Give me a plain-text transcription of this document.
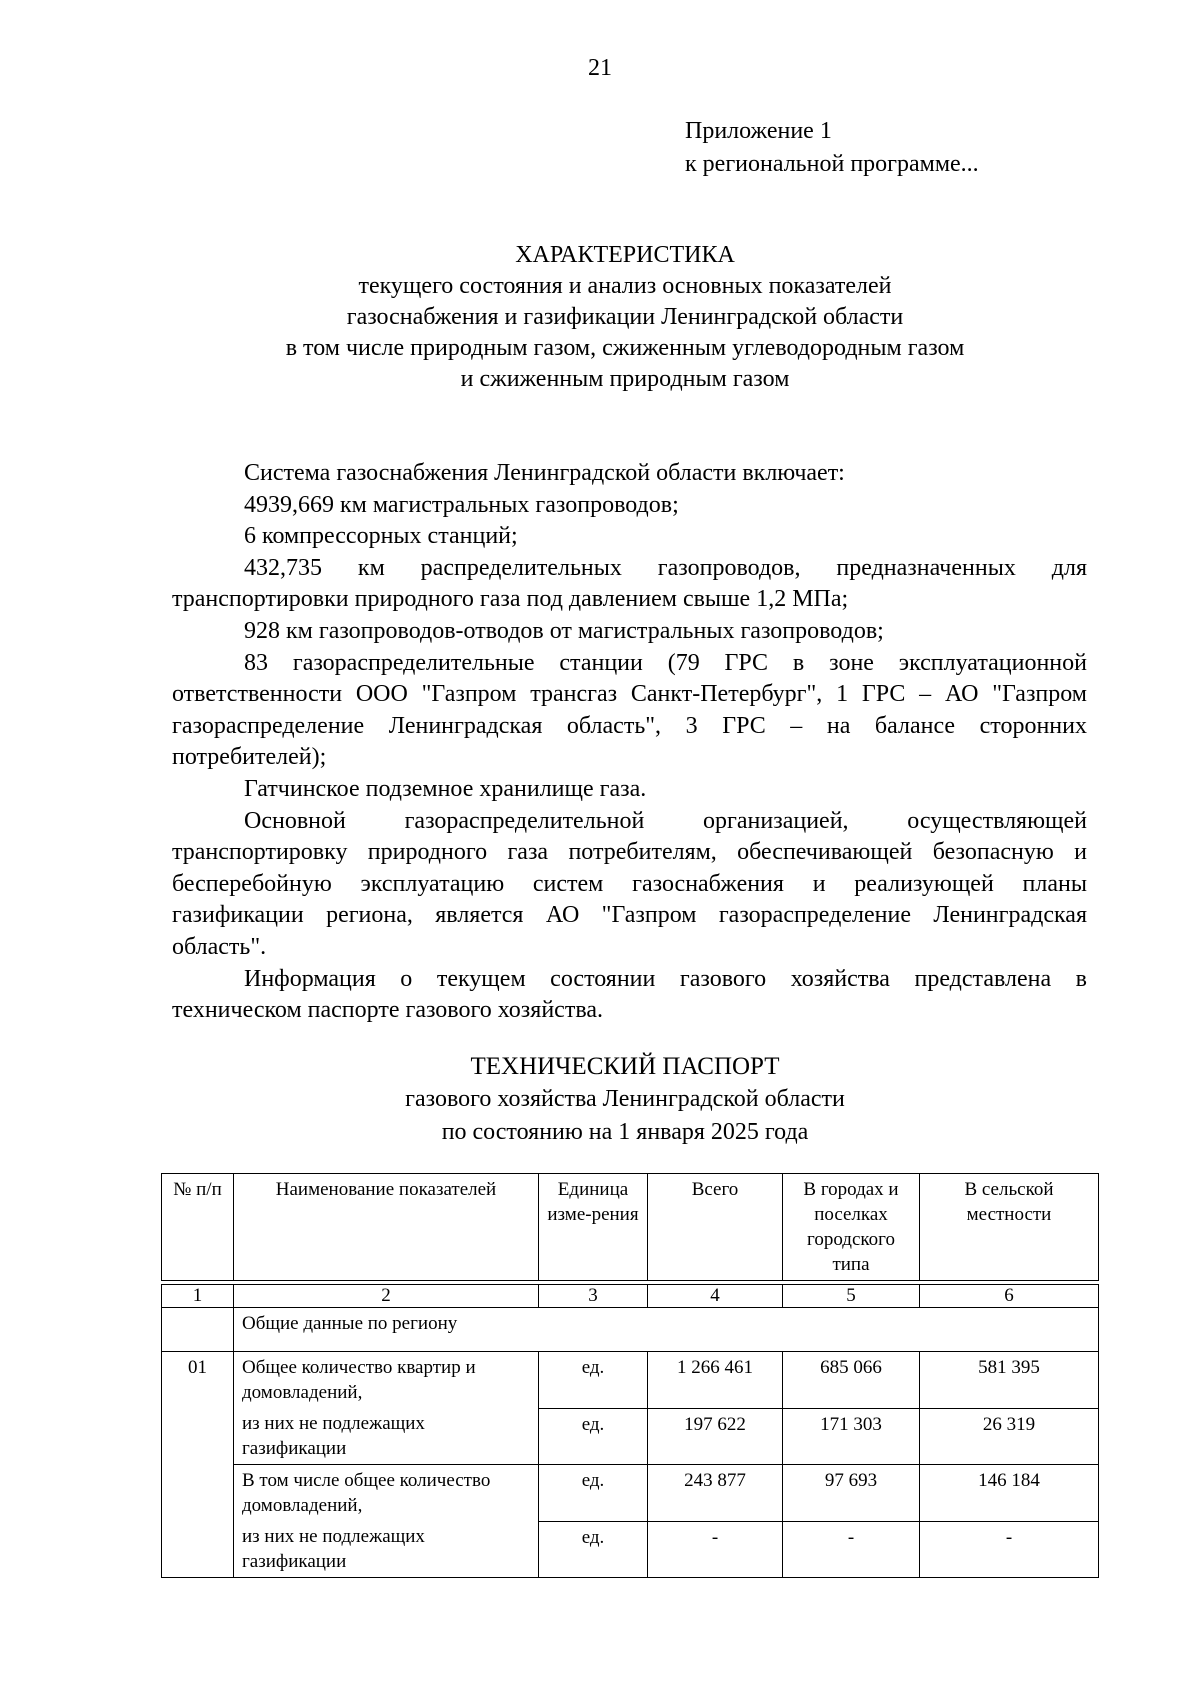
21
Приложение 1
к региональной программе...
ХАРАКТЕРИСТИКА
текущего состояния и анализ основных показателей
газоснабжения и газификации Ленинградской области
в том числе природным газом, сжиженным углеводородным газом
и сжиженным природным газом

Система газоснабжения Ленинградской области включает:

4939,669 км магистральных газопроводов;

6 компрессорных станций;

432,735 км распределительных газопроводов, предназначенных для транспортировки природного газа под давлением свыше 1,2 МПа;

928 км газопроводов-отводов от магистральных газопроводов;

83 газораспределительные станции (79 ГРС в зоне эксплуатационной ответственности ООО "Газпром трансгаз Санкт-Петербург", 1 ГРС – АО "Газпром газораспределение Ленинградская область", 3 ГРС – на балансе сторонних потребителей);

Гатчинское подземное хранилище газа.

Основной газораспределительной организацией, осуществляющей транспортировку природного газа потребителям, обеспечивающей безопасную и бесперебойную эксплуатацию систем газоснабжения и реализующей планы газификации региона, является АО "Газпром газораспределение Ленинградская область".

Информация о текущем состоянии газового хозяйства представлена в техническом паспорте газового хозяйства.

ТЕХНИЧЕСКИЙ ПАСПОРТ
газового хозяйства Ленинградской области
по состоянию на 1 января 2025 года
№ п/п	Наименование показателей	Единица изме-рения	Всего	В городах и поселках городского типа	В сельской местности

1	2	3	4	5	6
	Общие данные по региону				
01	Общее количество квартир и домовладений,	ед.	1 266 461	685 066	581 395
	из них не подлежащих газификации	ед.	197 622	171 303	26 319
	В том числе общее количество домовладений,	ед.	243 877	97 693	146 184
	из них не подлежащих газификации	ед.	-	-	-
